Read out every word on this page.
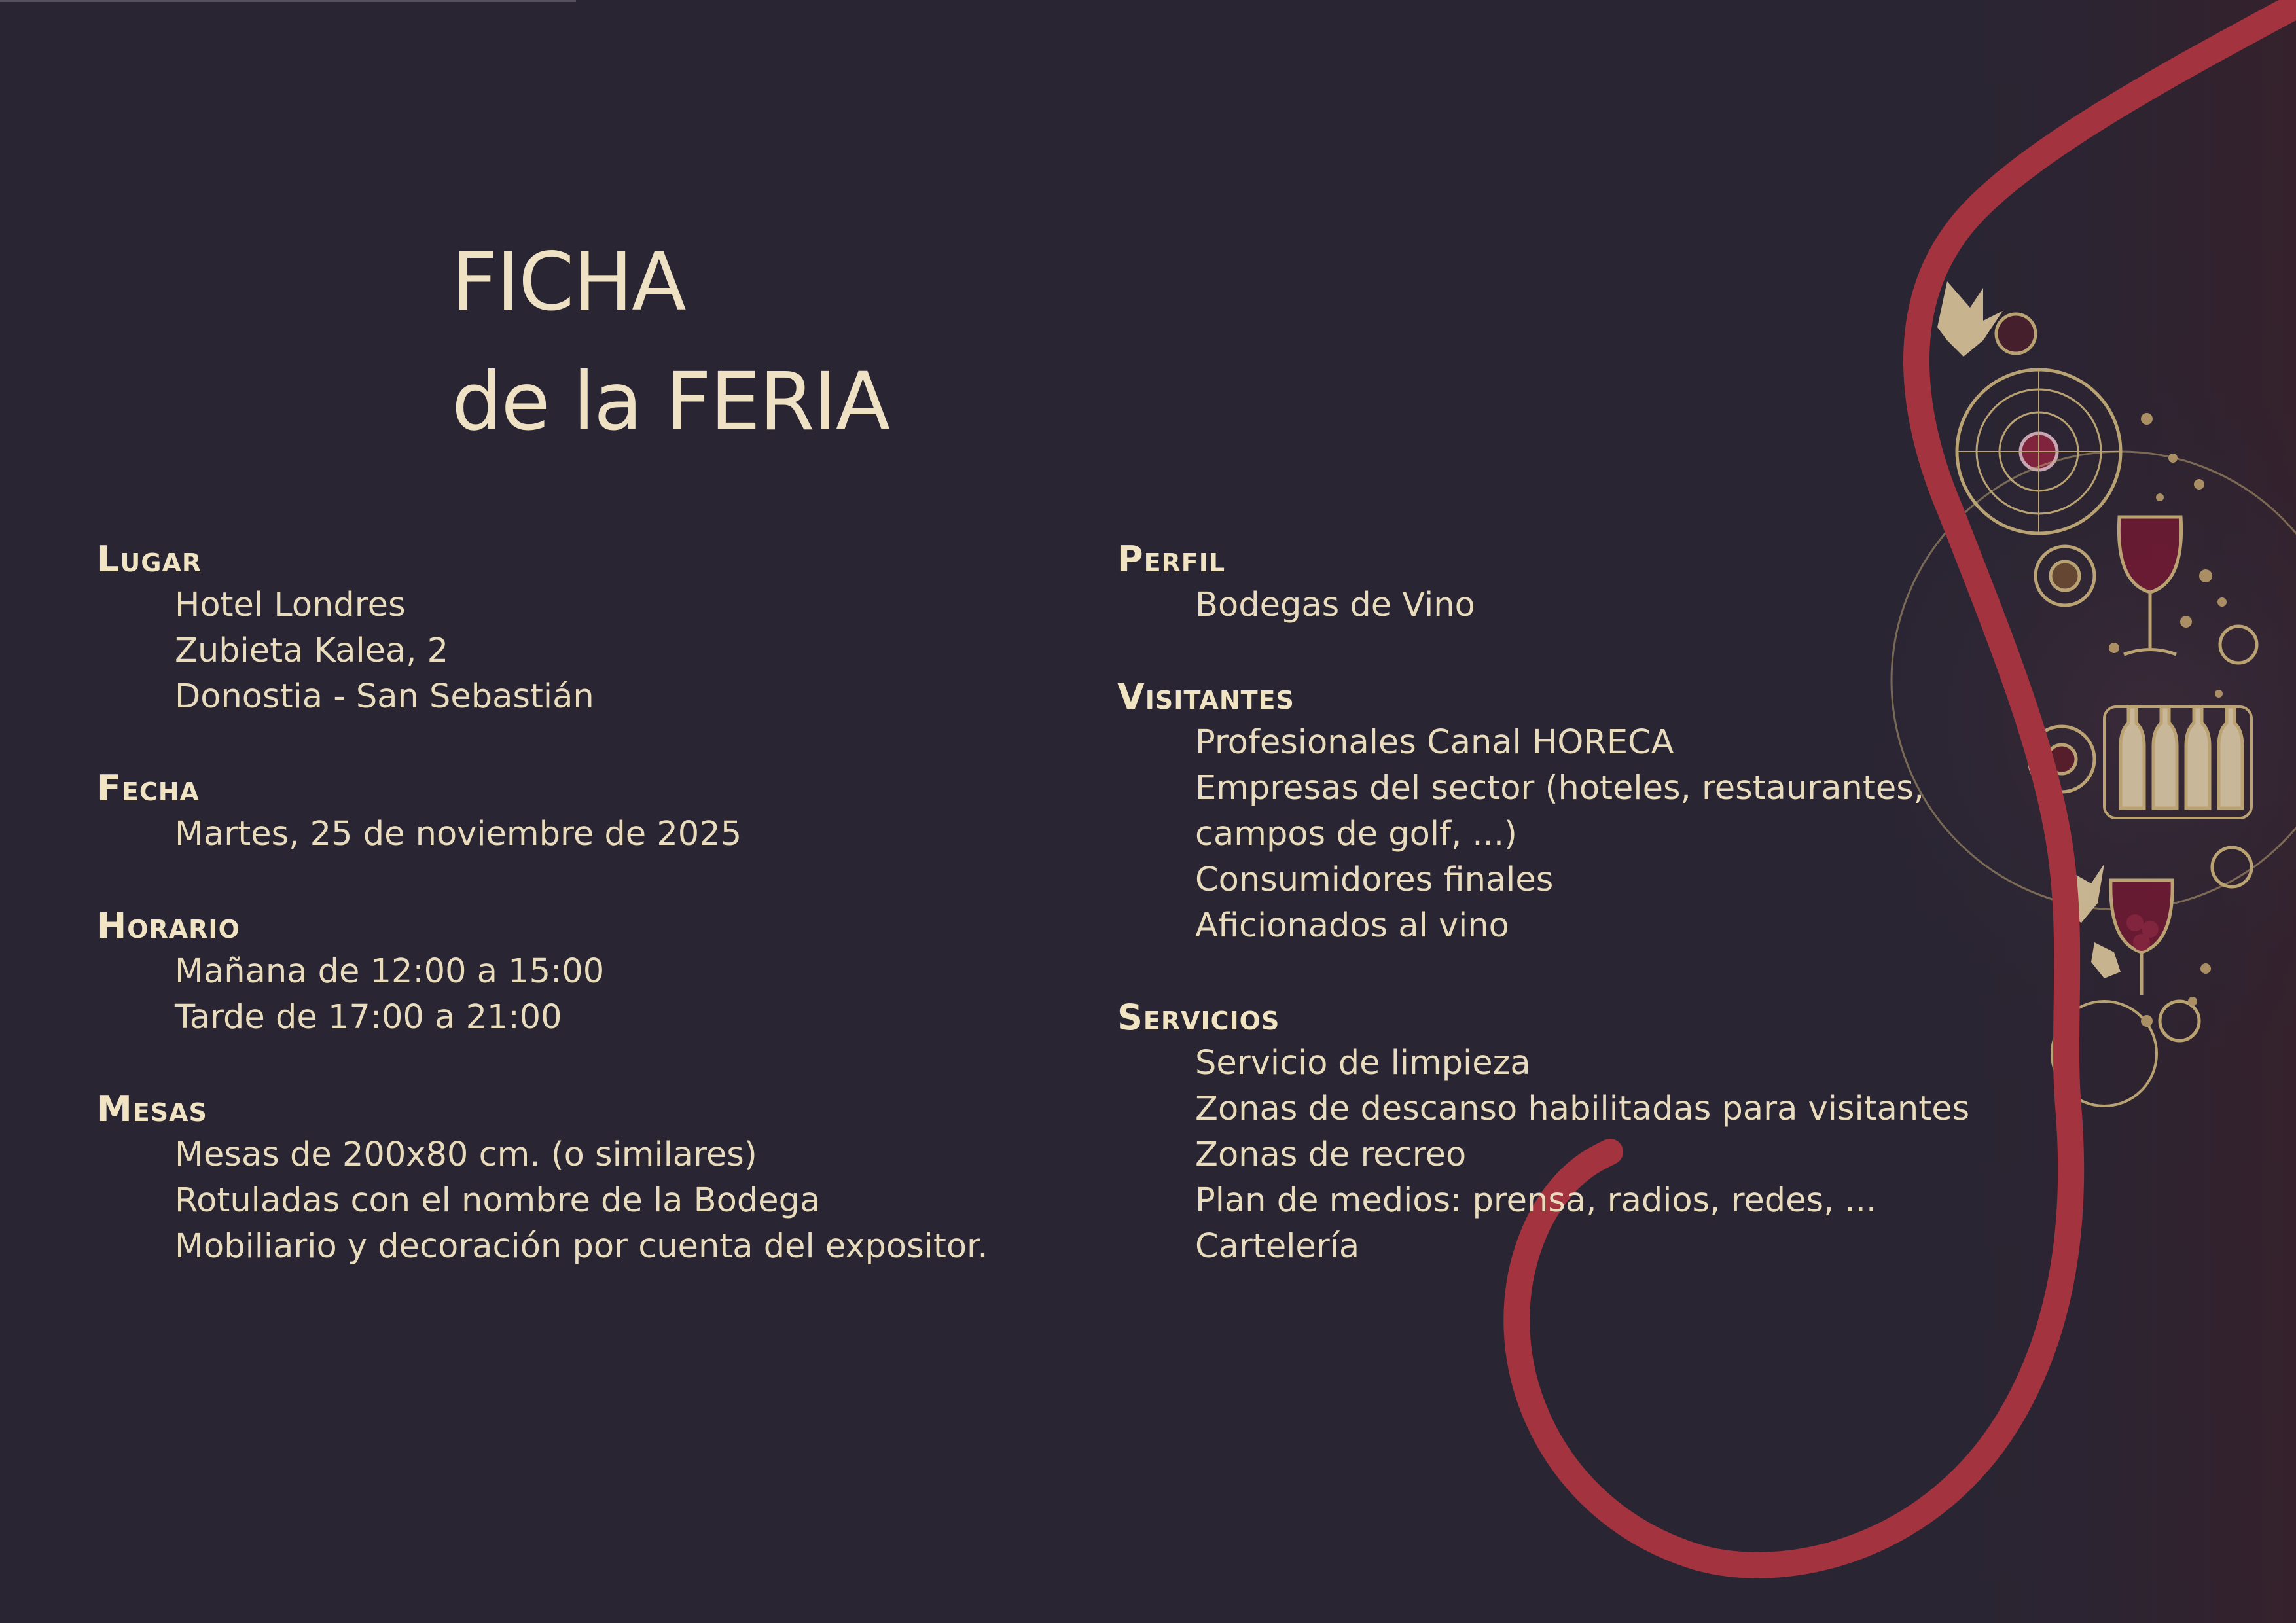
FICHA
de la FERIA
Lugar
Hotel Londres
Zubieta Kalea, 2
Donostia - San Sebastián
Fecha
Martes, 25 de noviembre de 2025
Horario
Mañana de 12:00 a 15:00
Tarde de 17:00 a 21:00
Mesas
Mesas de 200x80 cm. (o similares)
Rotuladas con el nombre de la Bodega
Mobiliario y decoración por cuenta del expositor.
Perfil
Bodegas de Vino
Visitantes
Profesionales Canal HORECA
Empresas del sector (hoteles, restaurantes,
campos de golf, ...)
Consumidores finales
Aficionados al vino
Servicios
Servicio de limpieza
Zonas de descanso habilitadas para visitantes
Zonas de recreo
Plan de medios: prensa, radios, redes, ...
Cartelería
